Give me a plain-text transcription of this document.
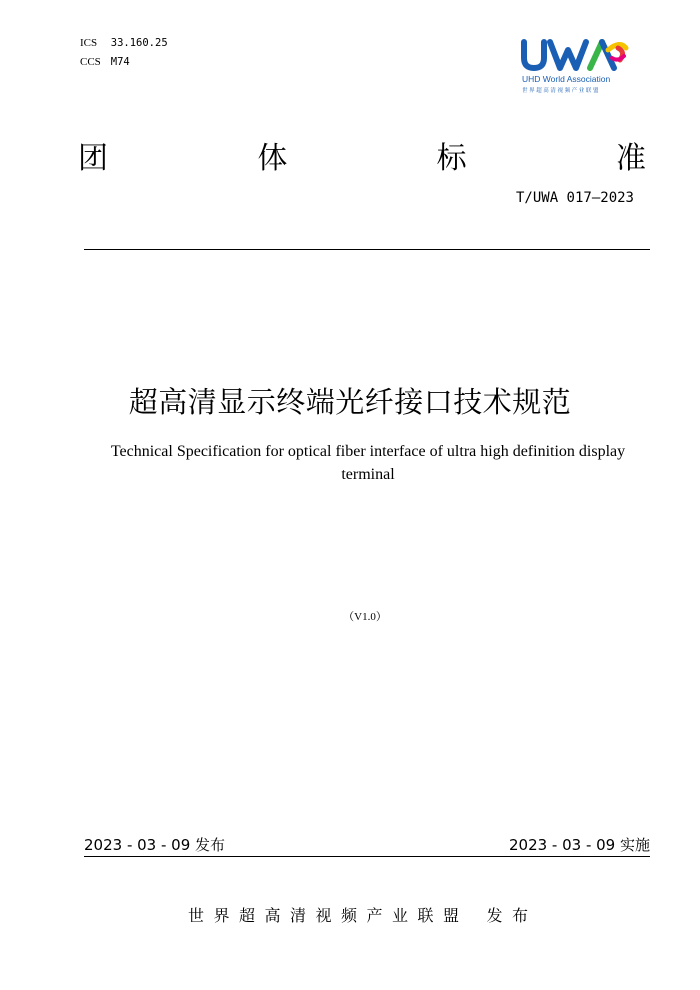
ICS 33.160.25
CCS M74
UHD World Association
世界超高清视频产业联盟
团	体	标	准
T/UWA 017—2023
超高清显示终端光纤接口技术规范
Technical Specification for optical fiber interface of ultra high definition display terminal
（V1.0）
2023 - 03 - 09 发布	2023 - 03 - 09 实施
世界超高清视频产业联盟 发布
